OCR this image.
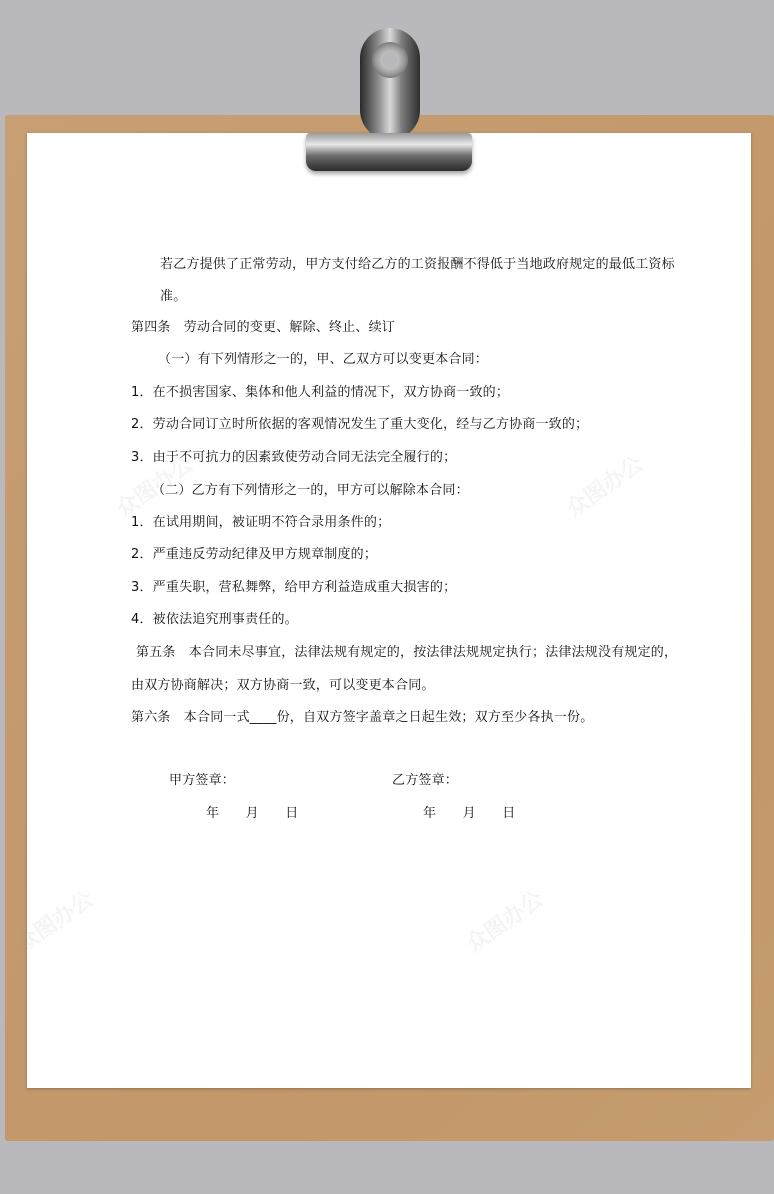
众图办公	众图办公
众图办公	众图办公
若乙方提供了正常劳动，甲方支付给乙方的工资报酬不得低于当地政府规定的最低工资标
准。
第四条　劳动合同的变更、解除、终止、续订
（一）有下列情形之一的，甲、乙双方可以变更本合同：
1．在不损害国家、集体和他人利益的情况下，双方协商一致的；
2．劳动合同订立时所依据的客观情况发生了重大变化，经与乙方协商一致的；
3．由于不可抗力的因素致使劳动合同无法完全履行的；
（二）乙方有下列情形之一的，甲方可以解除本合同：
1．在试用期间，被证明不符合录用条件的；
2．严重违反劳动纪律及甲方规章制度的；
3．严重失职，营私舞弊，给甲方利益造成重大损害的；
4．被依法追究刑事责任的。
第五条　本合同未尽事宜，法律法规有规定的，按法律法规规定执行；法律法规没有规定的，
由双方协商解决；双方协商一致，可以变更本合同。
第六条　本合同一式____份，自双方签字盖章之日起生效；双方至少各执一份。
甲方签章：	乙方签章：
年　　月　　日	年　　月　　日
